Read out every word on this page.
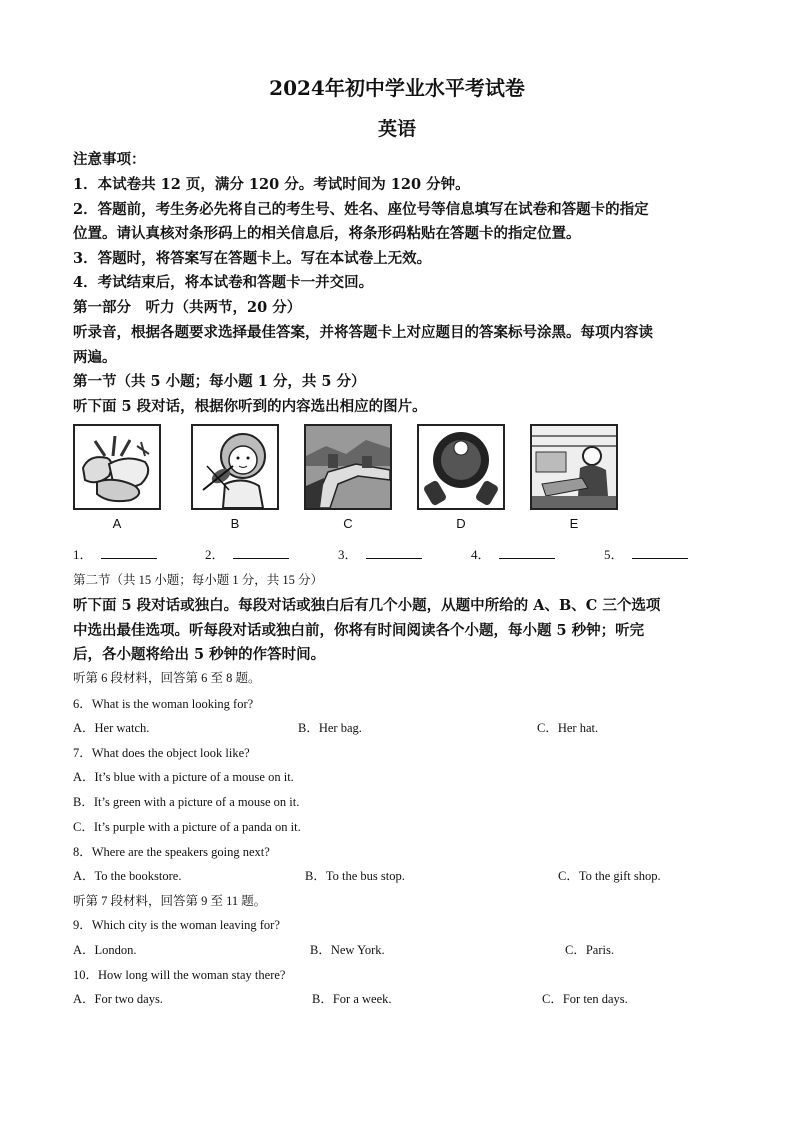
2024年初中学业水平考试卷
英语
注意事项：
1．本试卷共 12 页，满分 120 分。考试时间为 120 分钟。
2．答题前，考生务必先将自己的考生号、姓名、座位号等信息填写在试卷和答题卡的指定
位置。请认真核对条形码上的相关信息后，将条形码粘贴在答题卡的指定位置。
3．答题时，将答案写在答题卡上。写在本试卷上无效。
4．考试结束后，将本试卷和答题卡一并交回。
第一部分　听力（共两节，20 分）
听录音，根据各题要求选择最佳答案，并将答题卡上对应题目的答案标号涂黑。每项内容读
两遍。
第一节（共 5 小题；每小题 1 分，共 5 分）
听下面 5 段对话，根据你听到的内容选出相应的图片。
A	B	C	D	E
1．	2．	3．	4．	5．
第二节（共 15 小题；每小题 1 分，共 15 分）
听下面 5 段对话或独白。每段对话或独白后有几个小题，从题中所给的 A、B、C 三个选项
中选出最佳选项。听每段对话或独白前，你将有时间阅读各个小题，每小题 5 秒钟；听完
后，各小题将给出 5 秒钟的作答时间。
听第 6 段材料，回答第 6 至 8 题。
6．What is the woman looking for?
A．Her watch.	B．Her bag.	C．Her hat.
7．What does the object look like?
A．It’s blue with a picture of a mouse on it.
B．It’s green with a picture of a mouse on it.
C．It’s purple with a picture of a panda on it.
8．Where are the speakers going next?
A．To the bookstore.	B．To the bus stop.	C．To the gift shop.
听第 7 段材料，回答第 9 至 11 题。
9．Which city is the woman leaving for?
A．London.	B．New York.	C．Paris.
10．How long will the woman stay there?
A．For two days.	B．For a week.	C．For ten days.
